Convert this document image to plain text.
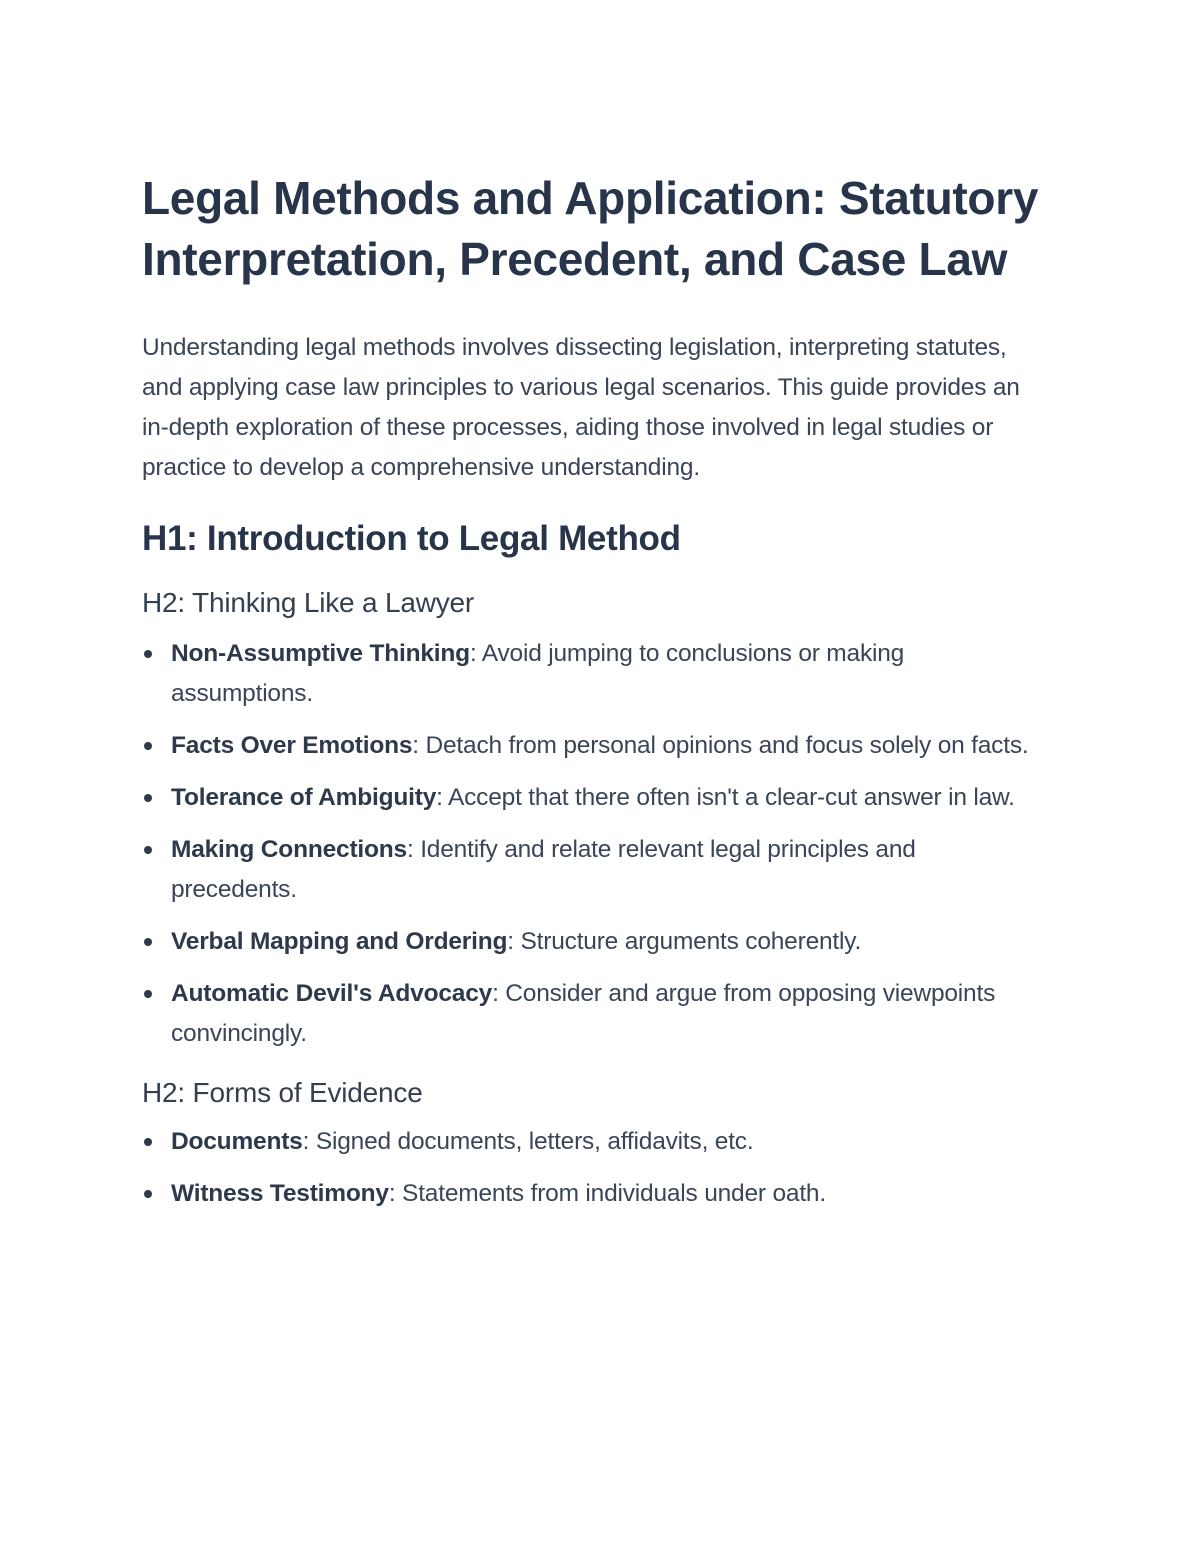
Legal Methods and Application: Statutory Interpretation, Precedent, and Case Law

Understanding legal methods involves dissecting legislation, interpreting statutes, and applying case law principles to various legal scenarios. This guide provides an in-depth exploration of these processes, aiding those involved in legal studies or practice to develop a comprehensive understanding.

H1: Introduction to Legal Method
H2: Thinking Like a Lawyer
Non-Assumptive Thinking: Avoid jumping to conclusions or making assumptions.
Facts Over Emotions: Detach from personal opinions and focus solely on facts.
Tolerance of Ambiguity: Accept that there often isn't a clear-cut answer in law.
Making Connections: Identify and relate relevant legal principles and precedents.
Verbal Mapping and Ordering: Structure arguments coherently.
Automatic Devil's Advocacy: Consider and argue from opposing viewpoints convincingly.
H2: Forms of Evidence
Documents: Signed documents, letters, affidavits, etc.
Witness Testimony: Statements from individuals under oath.
